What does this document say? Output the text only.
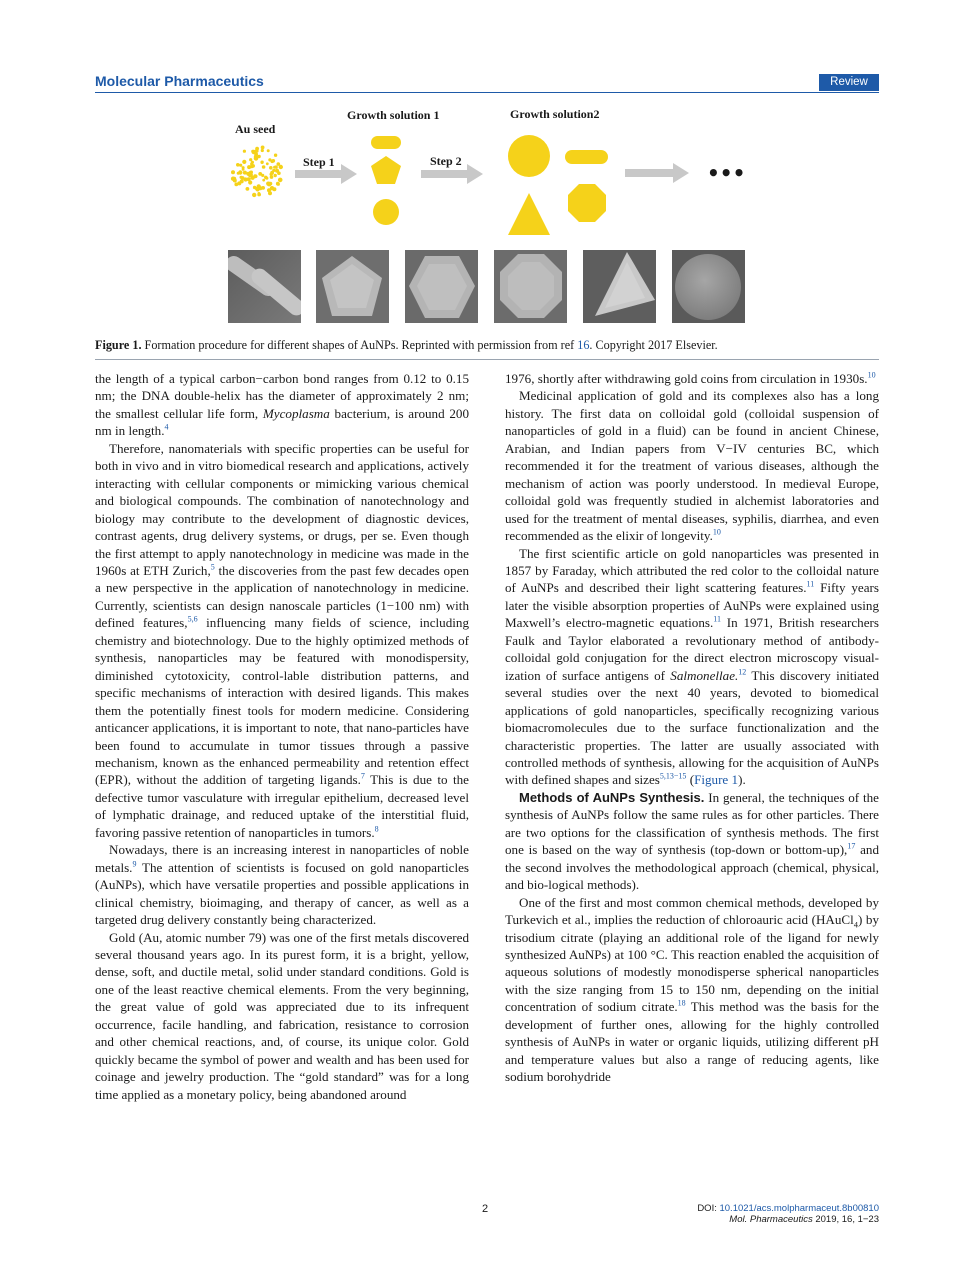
Molecular Pharmaceutics	Review
Au seed
Growth solution 1	Growth solution2
Step 1	Step 2	•••
Figure 1. Formation procedure for different shapes of AuNPs. Reprinted with permission from ref 16. Copyright 2017 Elsevier.

the length of a typical carbon−carbon bond ranges from 0.12 to 0.15 nm; the DNA double-helix has the diameter of approximately 2 nm; the smallest cellular life form, Mycoplasma bacterium, is around 200 nm in length.$^4$

Therefore, nanomaterials with specific properties can be useful for both in vivo and in vitro biomedical research and applications, actively interacting with cellular components or mimicking various chemical and biological compounds. The combination of nanotechnology and biology may contribute to the development of diagnostic devices, contrast agents, drug delivery systems, or drugs, per se. Even though the first attempt to apply nanotechnology in medicine was made in the 1960s at ETH Zurich,$^5$ the discoveries from the past few decades open a new perspective in the application of nanotechnology in medicine. Currently, scientists can design nanoscale particles (1−100 nm) with defined features,$^{5,6}$ influencing many fields of science, including chemistry and biotechnology. Due to the highly optimized methods of synthesis, nanoparticles may be featured with monodispersity, diminished cytotoxicity, control-lable distribution patterns, and specific mechanisms of interaction with desired ligands. This makes them the potentially finest tools for modern medicine. Considering anticancer applications, it is important to note, that nano-particles have been found to accumulate in tumor tissues through a passive mechanism, known as the enhanced permeability and retention effect (EPR), without the addition of targeting ligands.$^7$ This is due to the defective tumor vasculature with irregular epithelium, decreased level of lymphatic drainage, and reduced uptake of the interstitial fluid, favoring passive retention of nanoparticles in tumors.$^8$

Nowadays, there is an increasing interest in nanoparticles of noble metals.$^9$ The attention of scientists is focused on gold nanoparticles (AuNPs), which have versatile properties and possible applications in clinical chemistry, bioimaging, and therapy of cancer, as well as a targeted drug delivery constantly being characterized.

Gold (Au, atomic number 79) was one of the first metals discovered several thousand years ago. In its purest form, it is a bright, yellow, dense, soft, and ductile metal, solid under standard conditions. Gold is one of the least reactive chemical elements. From the very beginning, the great value of gold was appreciated due to its infrequent occurrence, facile handling, and fabrication, resistance to corrosion and other chemical reactions, and, of course, its unique color. Gold quickly became the symbol of power and wealth and has been used for coinage and jewelry production. The “gold standard” was for a long time applied as a monetary policy, being abandoned around

1976, shortly after withdrawing gold coins from circulation in 1930s.$^{10}$

Medicinal application of gold and its complexes also has a long history. The first data on colloidal gold (colloidal suspension of nanoparticles of gold in a fluid) can be found in ancient Chinese, Arabian, and Indian papers from V−IV centuries BC, which recommended it for the treatment of various diseases, although the mechanism of action was poorly understood. In medieval Europe, colloidal gold was frequently studied in alchemist laboratories and used for the treatment of mental diseases, syphilis, diarrhea, and even recommended as the elixir of longevity.$^{10}$

The first scientific article on gold nanoparticles was presented in 1857 by Faraday, which attributed the red color to the colloidal nature of AuNPs and described their light scattering features.$^{11}$ Fifty years later the visible absorption properties of AuNPs were explained using Maxwell’s electro-magnetic equations.$^{11}$ In 1971, British researchers Faulk and Taylor elaborated a revolutionary method of antibody-colloidal gold conjugation for the direct electron microscopy visual-ization of surface antigens of Salmonellae.$^{12}$ This discovery initiated several studies over the next 40 years, devoted to biomedical applications of gold nanoparticles, specifically recognizing various biomacromolecules due to the surface functionalization and the characteristic properties. The latter are usually associated with controlled methods of synthesis, allowing for the acquisition of AuNPs with defined shapes and sizes$^{5,13-15}$ (Figure 1).

Methods of AuNPs Synthesis. In general, the techniques of the synthesis of AuNPs follow the same rules as for other particles. There are two options for the classification of synthesis methods. The first one is based on the way of synthesis (top-down or bottom-up),$^{17}$ and the second involves the methodological approach (chemical, physical, and bio-logical methods).

One of the first and most common chemical methods, developed by Turkevich et al., implies the reduction of chloroauric acid (HAuCl$_4$) by trisodium citrate (playing an additional role of the ligand for newly synthesized AuNPs) at 100 °C. This reaction enabled the acquisition of aqueous solutions of modestly monodisperse spherical nanoparticles with the size ranging from 15 to 150 nm, depending on the initial concentration of sodium citrate.$^{18}$ This method was the basis for the development of further ones, allowing for the highly controlled synthesis of AuNPs in water or organic liquids, utilizing different pH and temperature values but also a range of reducing agents, like sodium borohydride

2	DOI: 10.1021/acs.molpharmaceut.8b00810
Mol. Pharmaceutics 2019, 16, 1−23
